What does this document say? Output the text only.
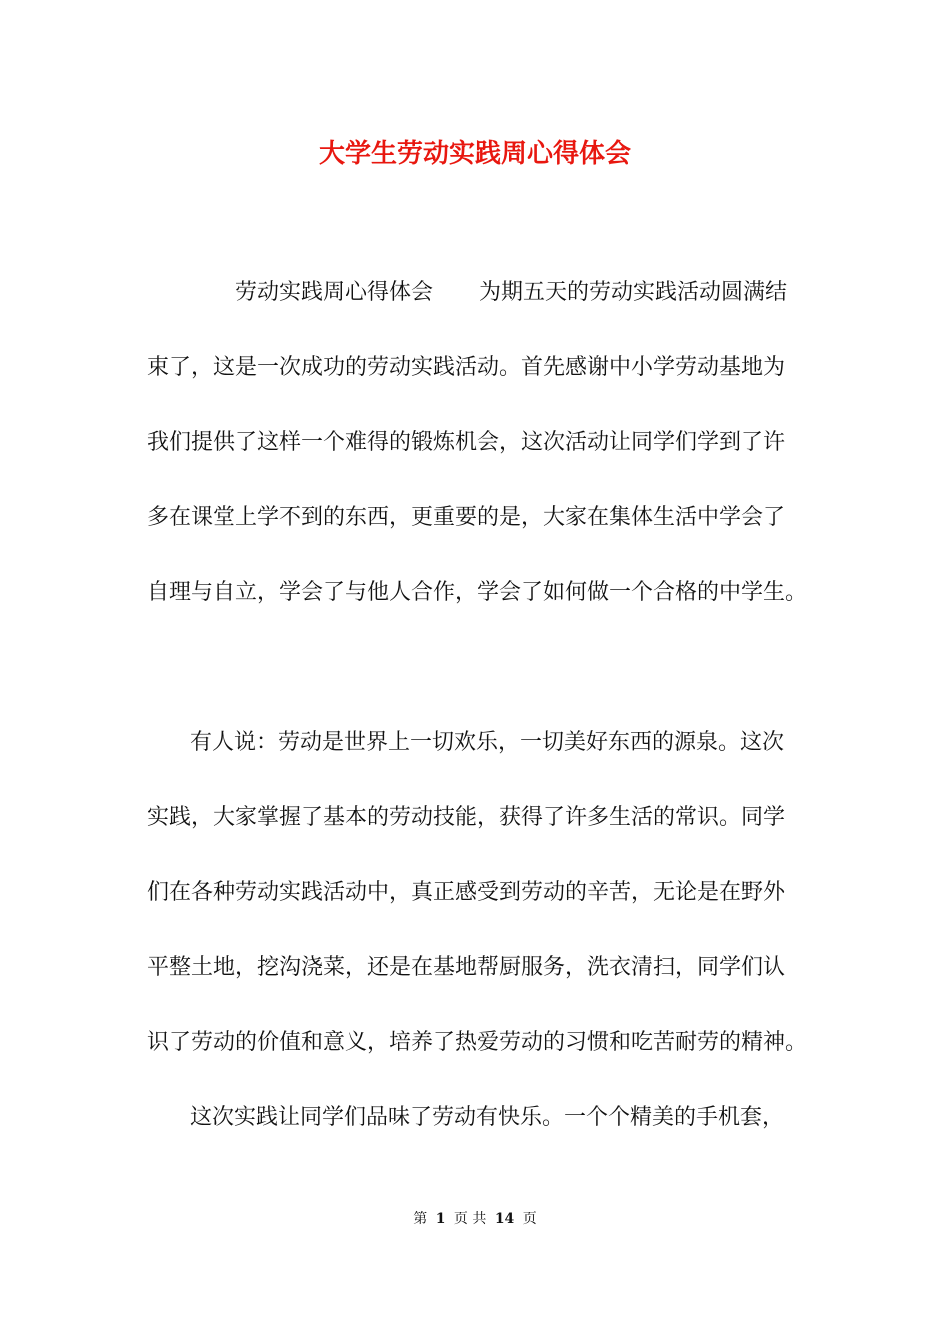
大学生劳动实践周心得体会
劳动实践周心得体会 为期五天的劳动实践活动圆满结
束了，这是一次成功的劳动实践活动。首先感谢中小学劳动基地为
我们提供了这样一个难得的锻炼机会，这次活动让同学们学到了许
多在课堂上学不到的东西，更重要的是，大家在集体生活中学会了
自理与自立，学会了与他人合作，学会了如何做一个合格的中学生。
有人说：劳动是世界上一切欢乐，一切美好东西的源泉。这次
实践，大家掌握了基本的劳动技能，获得了许多生活的常识。同学
们在各种劳动实践活动中，真正感受到劳动的辛苦，无论是在野外
平整土地，挖沟浇菜，还是在基地帮厨服务，洗衣清扫，同学们认
识了劳动的价值和意义，培养了热爱劳动的习惯和吃苦耐劳的精神。
这次实践让同学们品味了劳动有快乐。一个个精美的手机套，
第 1 页 共 14 页
